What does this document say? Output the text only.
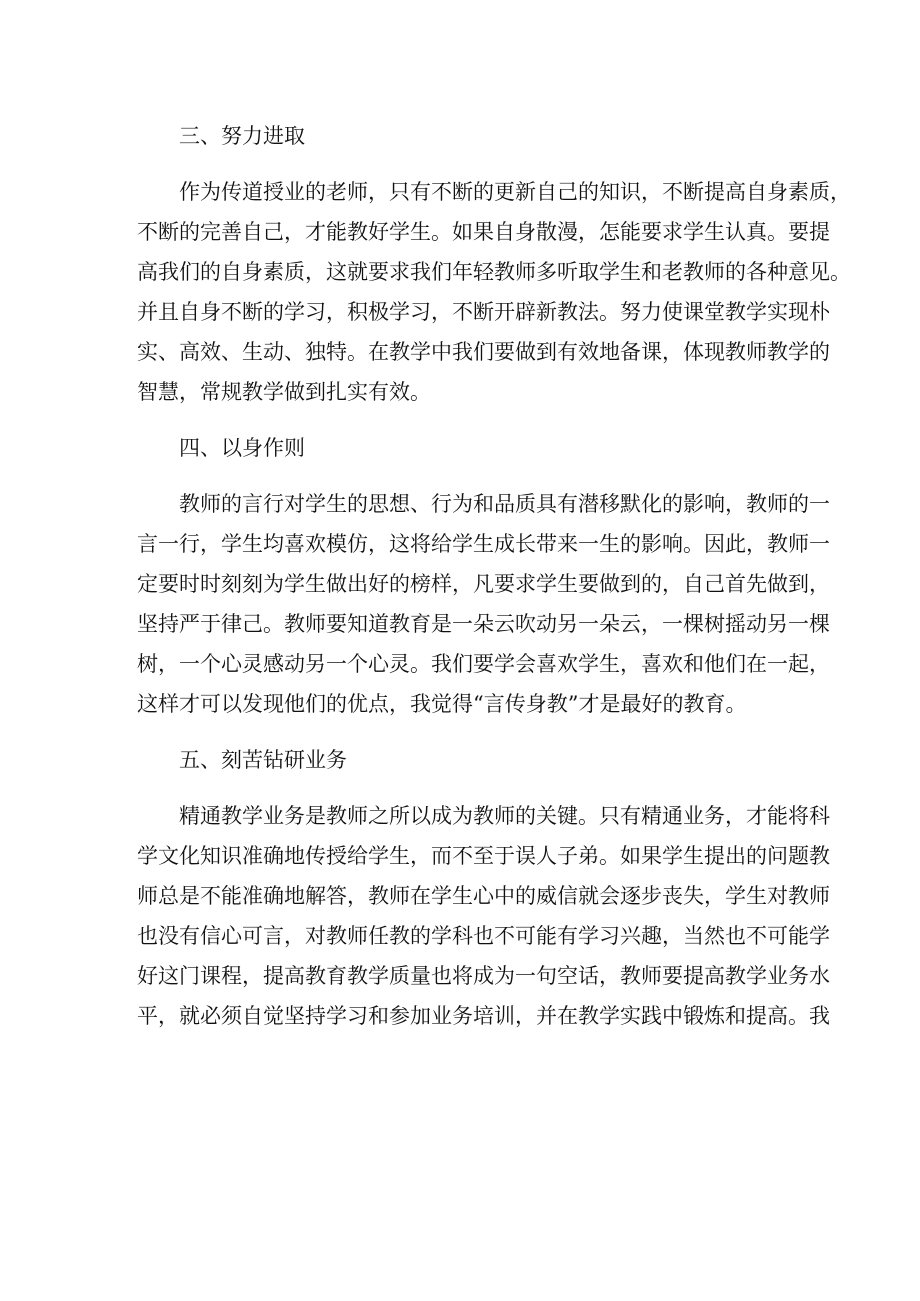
三、努力进取

作为传道授业的老师，只有不断的更新自己的知识，不断提高自身素质，
不断的完善自己，才能教好学生。如果自身散漫，怎能要求学生认真。要提
高我们的自身素质，这就要求我们年轻教师多听取学生和老教师的各种意见。
并且自身不断的学习，积极学习，不断开辟新教法。努力使课堂教学实现朴
实、高效、生动、独特。在教学中我们要做到有效地备课，体现教师教学的
智慧，常规教学做到扎实有效。

四、以身作则

教师的言行对学生的思想、行为和品质具有潜移默化的影响，教师的一
言一行，学生均喜欢模仿，这将给学生成长带来一生的影响。因此，教师一
定要时时刻刻为学生做出好的榜样，凡要求学生要做到的，自己首先做到，
坚持严于律己。教师要知道教育是一朵云吹动另一朵云，一棵树摇动另一棵
树，一个心灵感动另一个心灵。我们要学会喜欢学生，喜欢和他们在一起，
这样才可以发现他们的优点，我觉得“言传身教”才是最好的教育。

五、刻苦钻研业务

精通教学业务是教师之所以成为教师的关键。只有精通业务，才能将科
学文化知识准确地传授给学生，而不至于误人子弟。如果学生提出的问题教
师总是不能准确地解答，教师在学生心中的威信就会逐步丧失，学生对教师
也没有信心可言，对教师任教的学科也不可能有学习兴趣，当然也不可能学
好这门课程，提高教育教学质量也将成为一句空话，教师要提高教学业务水
平，就必须自觉坚持学习和参加业务培训，并在教学实践中锻炼和提高。我
